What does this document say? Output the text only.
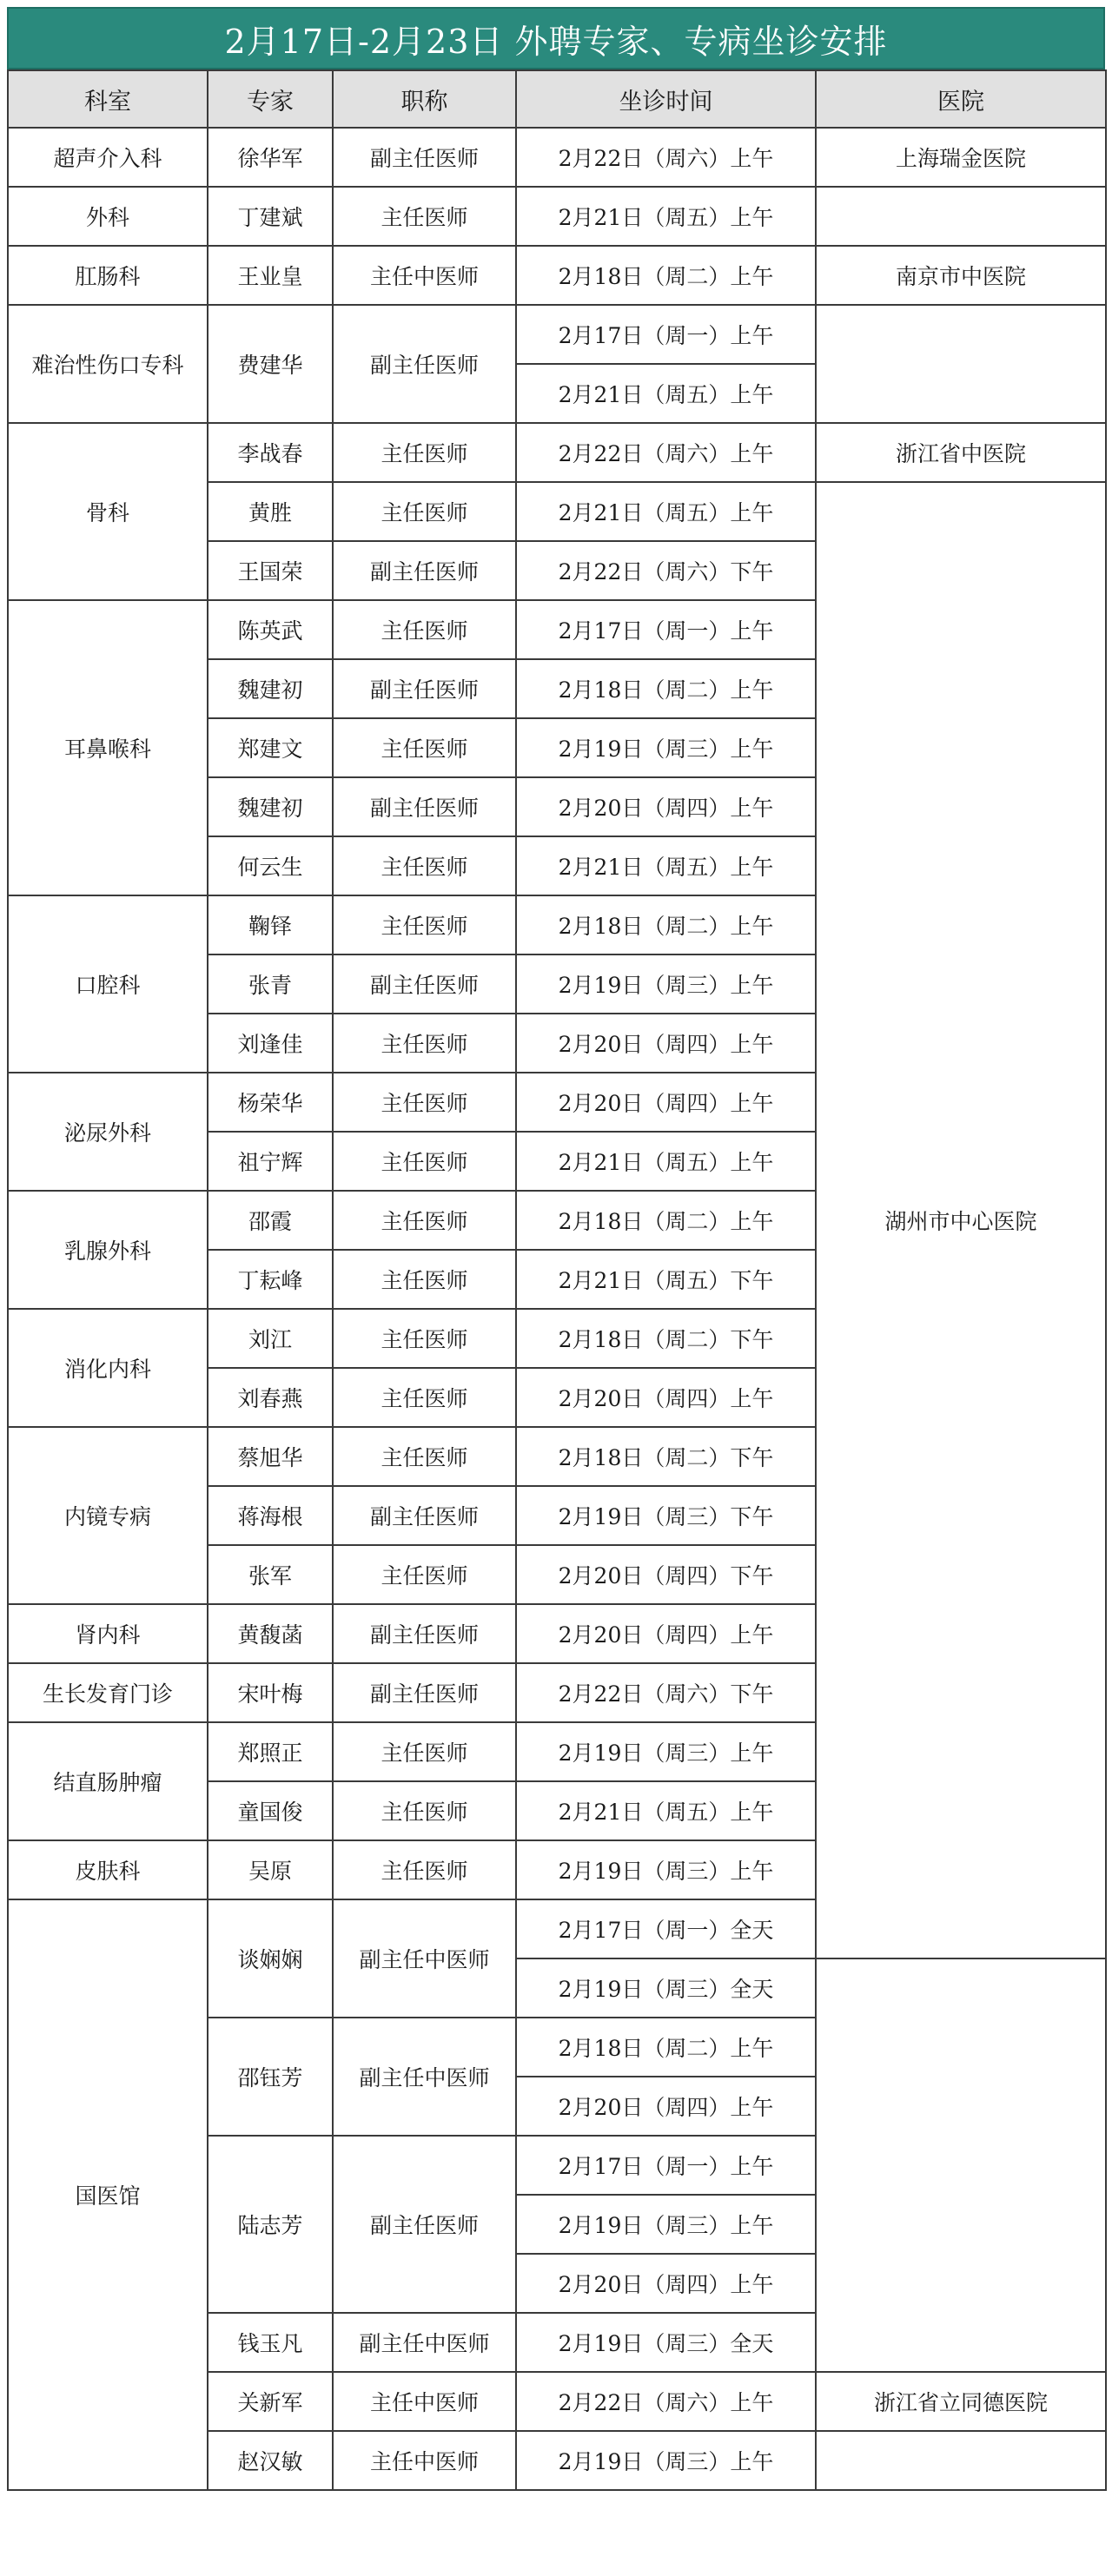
2月17日-2月23日 外聘专家、专病坐诊安排
科室	专家	职称	坐诊时间	医院	
超声介入科	徐华军	副主任医师	2月22日（周六）上午	上海瑞金医院	
外科	丁建斌	主任医师	2月21日（周五）上午		
肛肠科	王业皇	主任中医师	2月18日（周二）上午	南京市中医院	
难治性伤口专科	费建华	副主任医师	2月17日（周一）上午		
			2月21日（周五）上午		
骨科	李战春	主任医师	2月22日（周六）上午	浙江省中医院	
	黄胜	主任医师	2月21日（周五）上午	湖州市中心医院	
	王国荣	副主任医师	2月22日（周六）下午		
耳鼻喉科	陈英武	主任医师	2月17日（周一）上午		
	魏建初	副主任医师	2月18日（周二）上午		
	郑建文	主任医师	2月19日（周三）上午		
	魏建初	副主任医师	2月20日（周四）上午		
	何云生	主任医师	2月21日（周五）上午		
口腔科	鞠铎	主任医师	2月18日（周二）上午		
	张青	副主任医师	2月19日（周三）上午		
	刘逢佳	主任医师	2月20日（周四）上午		
泌尿外科	杨荣华	主任医师	2月20日（周四）上午		
	祖宁辉	主任医师	2月21日（周五）上午		
乳腺外科	邵霞	主任医师	2月18日（周二）上午		
	丁耘峰	主任医师	2月21日（周五）下午		
消化内科	刘江	主任医师	2月18日（周二）下午		
	刘春燕	主任医师	2月20日（周四）上午		
内镜专病	蔡旭华	主任医师	2月18日（周二）下午		
	蒋海根	副主任医师	2月19日（周三）下午		
	张军	主任医师	2月20日（周四）下午		
肾内科	黄馥菡	副主任医师	2月20日（周四）上午		
生长发育门诊	宋叶梅	副主任医师	2月22日（周六）下午		
结直肠肿瘤	郑照正	主任医师	2月19日（周三）上午		
	童国俊	主任医师	2月21日（周五）上午		
皮肤科	吴原	主任医师	2月19日（周三）上午		
国医馆	谈娴娴	副主任中医师	2月17日（周一）全天	
			2月19日（周三）全天		
	邵钰芳	副主任中医师	2月18日（周二）上午		
			2月20日（周四）上午		
	陆志芳	副主任医师	2月17日（周一）上午		
			2月19日（周三）上午		
			2月20日（周四）上午		
	钱玉凡	副主任中医师	2月19日（周三）全天		
	关新军	主任中医师	2月22日（周六）上午	浙江省立同德医院	
	赵汉敏	主任中医师	2月19日（周三）上午		
